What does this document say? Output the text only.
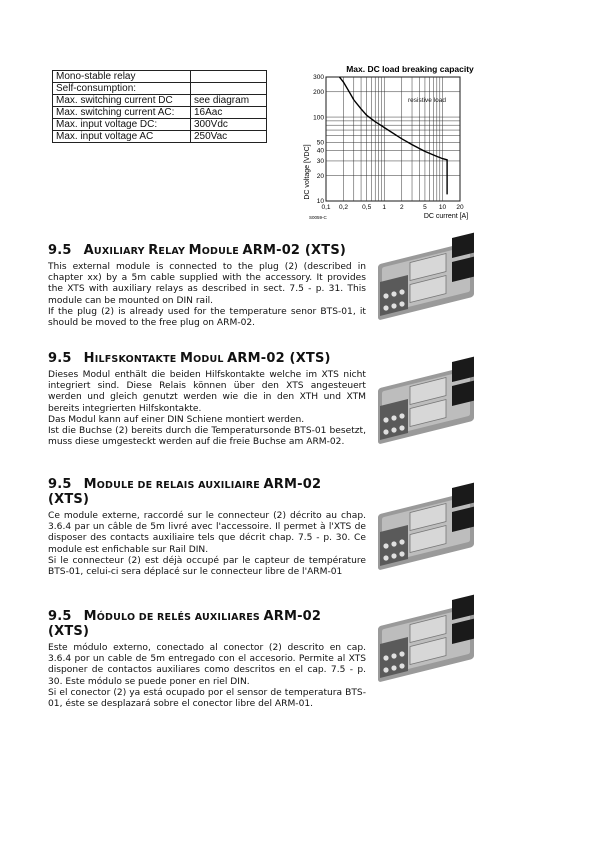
Mono-stable relay	
Self-consumption:	
Max. switching current DC	see diagram
Max. switching current AC:	16Aac
Max. input voltage DC:	300Vdc
Max. input voltage AC	250Vac
Max. DC load breaking capacity
0,1 0,2 0,5 1 2	5 10 20
300
200
100
50
40
30
20
10
resistive load
DC current [A]
DC voltage [VDC]
S0059-C
9.5 AUXILIARY RELAY MODULE ARM-02 (XTS)

This external module is connected to the plug (2) (described in chapter xx) by a 5m cable supplied with the accessory. It provides the XTS with auxiliary relays as described in sect. 7.5 - p. 31. This module can be mounted on DIN rail.
If the plug (2) is already used for the temperature senor BTS-01, it should be moved to the free plug on ARM-02.

9.5 HILFSKONTAKTE MODUL ARM-02 (XTS)

Dieses Modul enthält die beiden Hilfskontakte welche im XTS nicht integriert sind. Diese Relais können über den XTS angesteuert werden und gleich genutzt werden wie die in den XTH und XTM bereits integrierten Hilfskontakte.
Das Modul kann auf einer DIN Schiene montiert werden.
Ist die Buchse (2) bereits durch die Temperatursonde BTS-01 besetzt, muss diese umgesteckt werden auf die freie Buchse am ARM-02.

9.5 MODULE DE RELAIS AUXILIAIRE ARM-02 (XTS)

Ce module externe, raccordé sur le connecteur (2) décrito au chap. 3.6.4 par un câble de 5m livré avec l'accessoire. Il permet à l'XTS de disposer des contacts auxiliaire tels que décrit chap. 7.5 - p. 30. Ce module est enfichable sur Rail DIN.
Si le connecteur (2) est déjà occupé par le capteur de température BTS-01, celui-ci sera déplacé sur le connecteur libre de l'ARM-01

9.5 MÓDULO DE RELÉS AUXILIARES ARM-02 (XTS)

Este módulo externo, conectado al conector (2) descrito en cap. 3.6.4 por un cable de 5m entregado con el accesorio. Permite al XTS disponer de contactos auxiliares como descritos en el cap. 7.5 - p. 30. Este módulo se puede poner en riel DIN.
Si el conector (2) ya está ocupado por el sensor de temperatura BTS-01, éste se desplazará sobre el conector libre del ARM-01.
